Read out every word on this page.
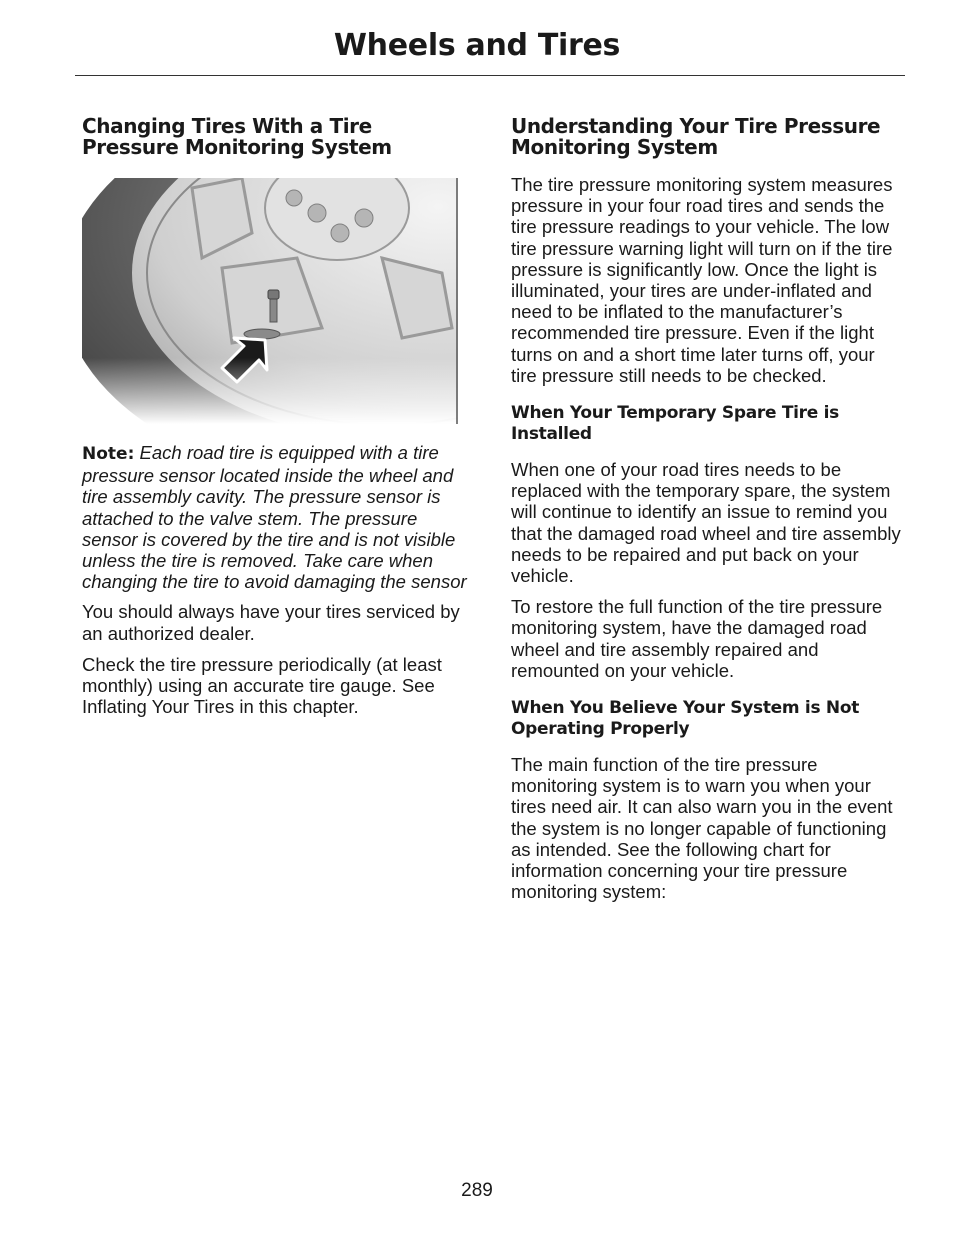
Wheels and Tires
Changing Tires With a Tire Pressure Monitoring System
Note: Each road tire is equipped with a tire pressure sensor located inside the wheel and tire assembly cavity. The pressure sensor is attached to the valve stem. The pressure sensor is covered by the tire and is not visible unless the tire is removed. Take care when changing the tire to avoid damaging the sensor

You should always have your tires serviced by an authorized dealer.

Check the tire pressure periodically (at least monthly) using an accurate tire gauge. See Inflating Your Tires in this chapter.

Understanding Your Tire Pressure Monitoring System

The tire pressure monitoring system measures pressure in your four road tires and sends the tire pressure readings to your vehicle. The low tire pressure warning light will turn on if the tire pressure is significantly low. Once the light is illuminated, your tires are under-inflated and need to be inflated to the manufacturer’s recommended tire pressure. Even if the light turns on and a short time later turns off, your tire pressure still needs to be checked.

When Your Temporary Spare Tire is Installed

When one of your road tires needs to be replaced with the temporary spare, the system will continue to identify an issue to remind you that the damaged road wheel and tire assembly needs to be repaired and put back on your vehicle.

To restore the full function of the tire pressure monitoring system, have the damaged road wheel and tire assembly repaired and remounted on your vehicle.

When You Believe Your System is Not Operating Properly

The main function of the tire pressure monitoring system is to warn you when your tires need air. It can also warn you in the event the system is no longer capable of functioning as intended. See the following chart for information concerning your tire pressure monitoring system:

289
